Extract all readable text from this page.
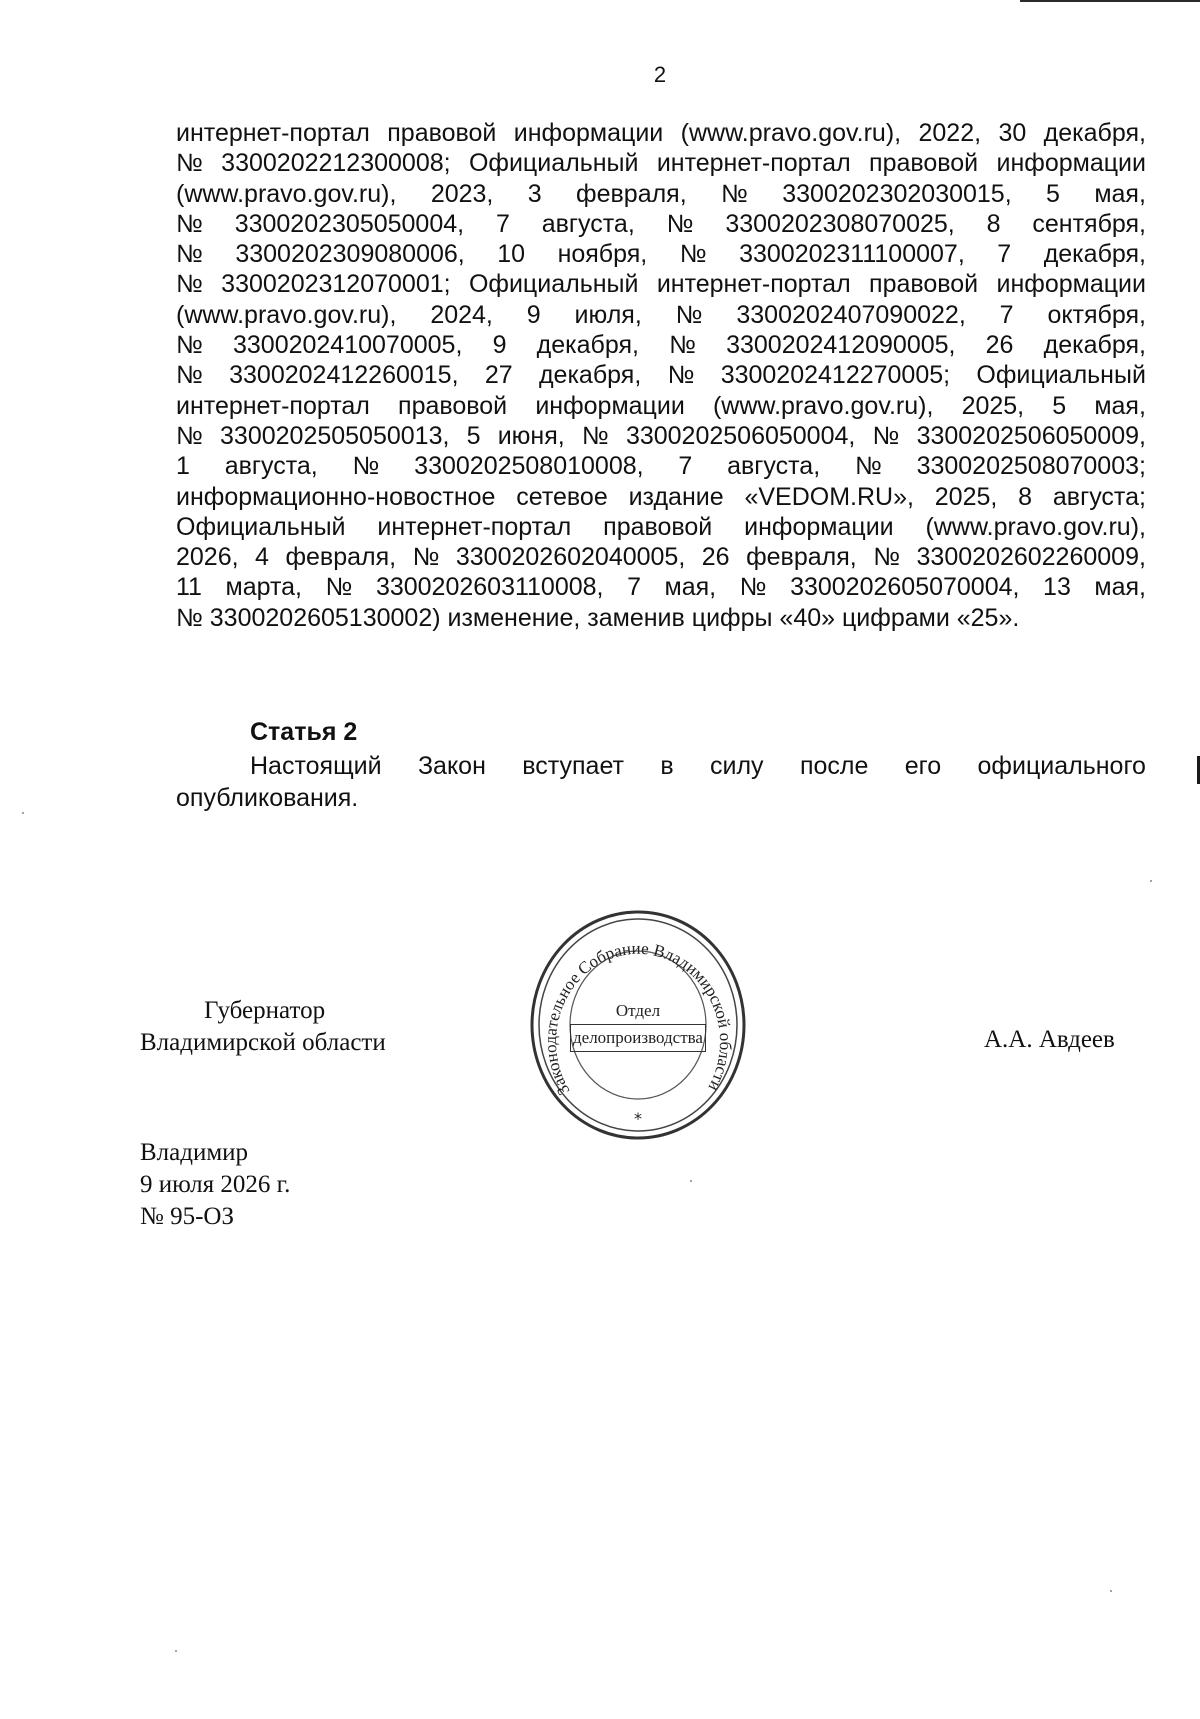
2
интернет-портал правовой информации (www.pravo.gov.ru), 2022, 30 декабря,
№ 3300202212300008; Официальный интернет-портал правовой информации
(www.pravo.gov.ru), 2023, 3 февраля, № 3300202302030015, 5 мая,
№ 3300202305050004, 7 августа, № 3300202308070025, 8 сентября,
№ 3300202309080006, 10 ноября, № 3300202311100007, 7 декабря,
№ 3300202312070001; Официальный интернет-портал правовой информации
(www.pravo.gov.ru), 2024, 9 июля, № 3300202407090022, 7 октября,
№ 3300202410070005, 9 декабря, № 3300202412090005, 26 декабря,
№ 3300202412260015, 27 декабря, № 3300202412270005; Официальный
интернет-портал правовой информации (www.pravo.gov.ru), 2025, 5 мая,
№ 3300202505050013, 5 июня, № 3300202506050004, № 3300202506050009,
1 августа, № 3300202508010008, 7 августа, № 3300202508070003;
информационно-новостное сетевое издание «VEDOM.RU», 2025, 8 августа;
Официальный интернет-портал правовой информации (www.pravo.gov.ru),
2026, 4 февраля, № 3300202602040005, 26 февраля, № 3300202602260009,
11 марта, № 3300202603110008, 7 мая, № 3300202605070004, 13 мая,
№ 3300202605130002) изменение, заменив цифры «40» цифрами «25».
Статья 2
Настоящий Закон вступает в силу после его официального
опубликования.
Губернатор
Владимирской области	А.А. Авдеев
Законодательное Собрание Владимирской области
*
Отдел
делопроизводства
Владимир
9 июля 2026 г.
№ 95-ОЗ
